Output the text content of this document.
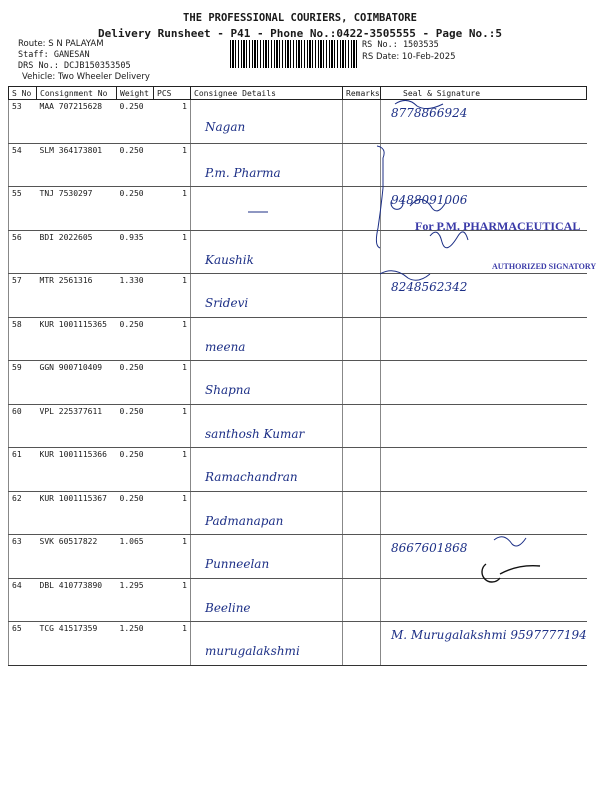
THE PROFESSIONAL COURIERS, COIMBATORE
Delivery Runsheet - P41 - Phone No.:0422-3505555 - Page No.:5
Route: S N PALAYAM
Staff: GANESAN
DRS No.: DCJB150353505
Vehicle: Two Wheeler Delivery
RS No.: 1503535
RS Date: 10-Feb-2025
S No	Consignment No	Weight	PCS	Consignee Details	Remarks	Seal & Signature
53	MAA 707215628	0.250	1	Nagan		8778866924

54	SLM 364173801	0.250	1	P.m. Pharma		

55	TNJ 7530297	0.250	1			9488091006

56	BDI 2022605	0.935	1	Kaushik		

57	MTR 2561316	1.330	1	Sridevi		8248562342

58	KUR 1001115365	0.250	1	meena		

59	GGN 900710409	0.250	1	Shapna		

60	VPL 225377611	0.250	1	santhosh Kumar		

61	KUR 1001115366	0.250	1	Ramachandran		

62	KUR 1001115367	0.250	1	Padmanapan		

63	SVK 60517822	1.065	1	Punneelan		8667601868

64	DBL 410773890	1.295	1	Beeline		

65	TCG 41517359	1.250	1	murugalakshmi		M. Murugalakshmi 9597777194
For P.M. PHARMACEUTICAL
AUTHORIZED SIGNATORY
